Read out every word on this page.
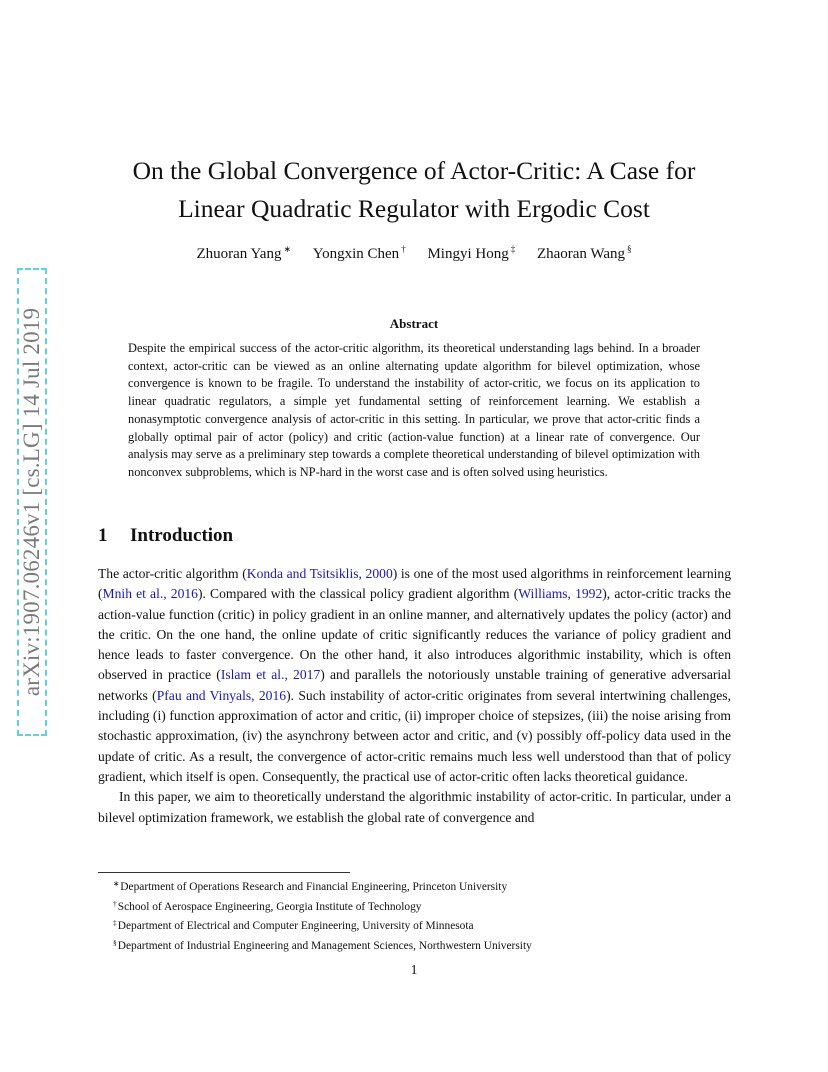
arXiv:1907.06246v1 [cs.LG] 14 Jul 2019
On the Global Convergence of Actor-Critic: A Case for
Linear Quadratic Regulator with Ergodic Cost
Zhuoran Yang ∗ Yongxin Chen † Mingyi Hong ‡ Zhaoran Wang §
Abstract
Despite the empirical success of the actor-critic algorithm, its theoretical understanding lags behind. In a broader context, actor-critic can be viewed as an online alternating update algorithm for bilevel optimization, whose convergence is known to be fragile. To understand the instability of actor-critic, we focus on its application to linear quadratic regulators, a simple yet fundamental setting of reinforcement learning. We establish a nonasymptotic convergence analysis of actor-critic in this setting. In particular, we prove that actor-critic finds a globally optimal pair of actor (policy) and critic (action-value function) at a linear rate of convergence. Our analysis may serve as a preliminary step towards a complete theoretical understanding of bilevel optimization with nonconvex subproblems, which is NP-hard in the worst case and is often solved using heuristics.
1 Introduction

The actor-critic algorithm (Konda and Tsitsiklis, 2000) is one of the most used algorithms in reinforcement learning (Mnih et al., 2016). Compared with the classical policy gradient algorithm (Williams, 1992), actor-critic tracks the action-value function (critic) in policy gradient in an online manner, and alternatively updates the policy (actor) and the critic. On the one hand, the online update of critic significantly reduces the variance of policy gradient and hence leads to faster convergence. On the other hand, it also introduces algorithmic instability, which is often observed in practice (Islam et al., 2017) and parallels the notoriously unstable training of generative adversarial networks (Pfau and Vinyals, 2016). Such instability of actor-critic originates from several intertwining challenges, including (i) function approximation of actor and critic, (ii) improper choice of stepsizes, (iii) the noise arising from stochastic approximation, (iv) the asynchrony between actor and critic, and (v) possibly off-policy data used in the update of critic. As a result, the convergence of actor-critic remains much less well understood than that of policy gradient, which itself is open. Consequently, the practical use of actor-critic often lacks theoretical guidance.

In this paper, we aim to theoretically understand the algorithmic instability of actor-critic. In particular, under a bilevel optimization framework, we establish the global rate of convergence and

∗Department of Operations Research and Financial Engineering, Princeton University
†School of Aerospace Engineering, Georgia Institute of Technology
‡Department of Electrical and Computer Engineering, University of Minnesota
§Department of Industrial Engineering and Management Sciences, Northwestern University
1
